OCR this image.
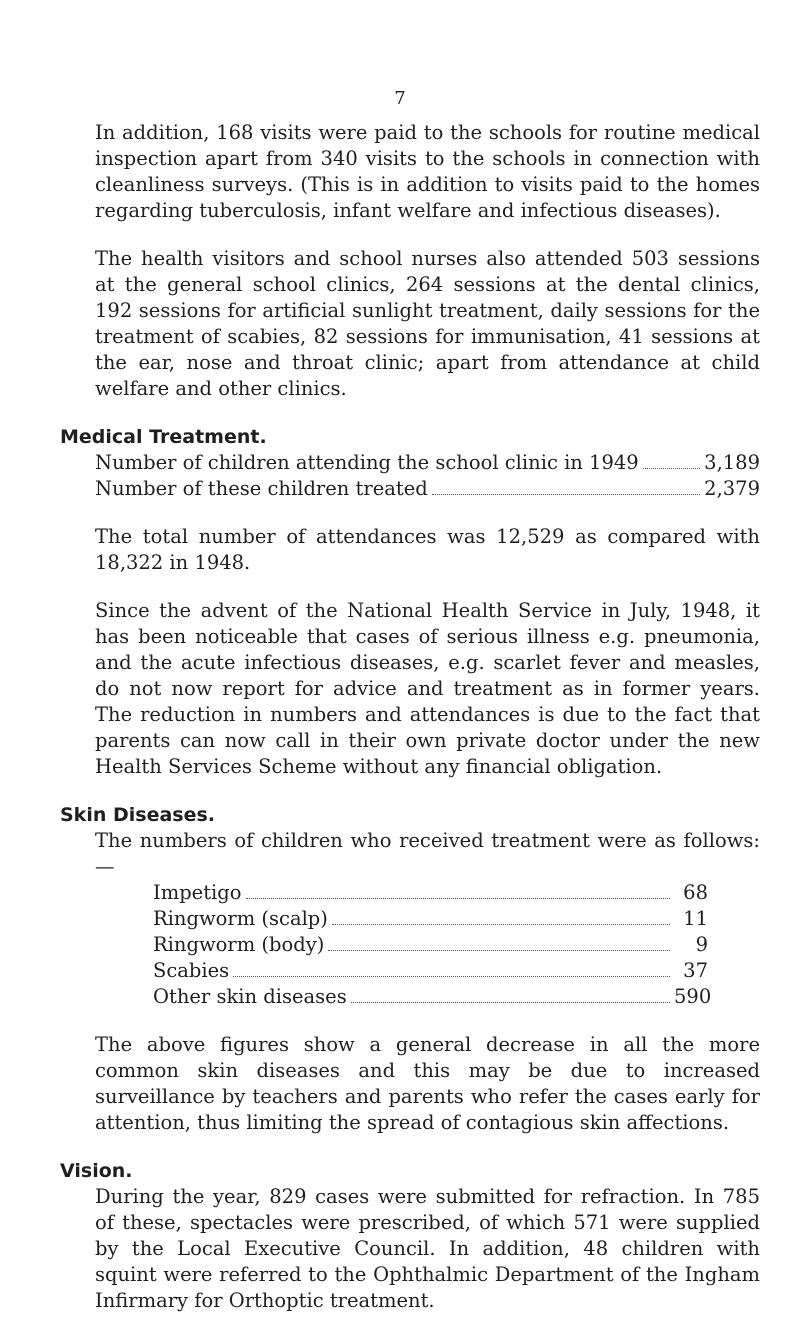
7

In addition, 168 visits were paid to the schools for routine medical inspection apart from 340 visits to the schools in connection with cleanliness surveys. (This is in addition to visits paid to the homes regarding tuberculosis, infant welfare and infectious diseases).

The health visitors and school nurses also attended 503 sessions at the general school clinics, 264 sessions at the dental clinics, 192 sessions for artificial sunlight treatment, daily sessions for the treatment of scabies, 82 sessions for immunisation, 41 sessions at the ear, nose and throat clinic; apart from attendance at child welfare and other clinics.

Medical Treatment.
Number of children attending the school clinic in 1949	3,189
Number of these children treated	2,379

The total number of attendances was 12,529 as compared with 18,322 in 1948.

Since the advent of the National Health Service in July, 1948, it has been noticeable that cases of serious illness e.g. pneumonia, and the acute infectious diseases, e.g. scarlet fever and measles, do not now report for advice and treatment as in former years. The reduction in numbers and attendances is due to the fact that parents can now call in their own private doctor under the new Health Services Scheme without any financial obligation.

Skin Diseases.

The numbers of children who received treatment were as follows:—

Impetigo	68
Ringworm (scalp)	11
Ringworm (body)	9
Scabies	37
Other skin diseases	590

The above figures show a general decrease in all the more common skin diseases and this may be due to increased surveillance by teachers and parents who refer the cases early for attention, thus limiting the spread of contagious skin affections.

Vision.

During the year, 829 cases were submitted for refraction. In 785 of these, spectacles were prescribed, of which 571 were supplied by the Local Executive Council. In addition, 48 children with squint were referred to the Ophthalmic Department of the Ingham Infirmary for Orthoptic treatment.
